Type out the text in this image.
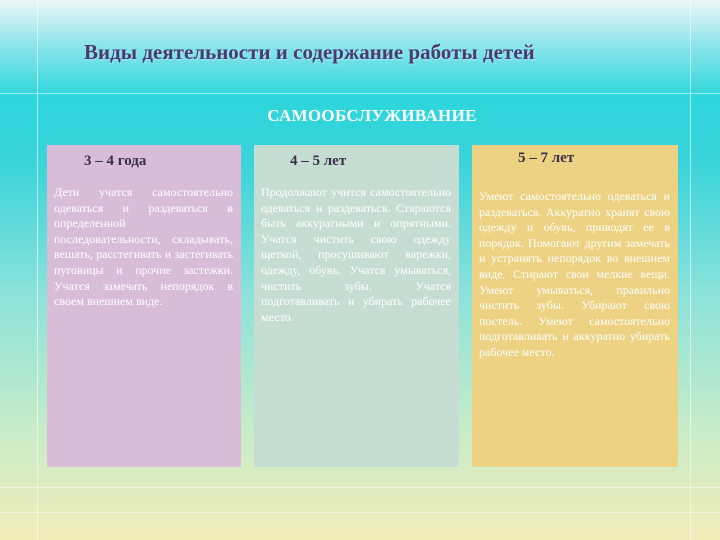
Виды деятельности и содержание работы детей
САМООБСЛУЖИВАНИЕ
3 – 4 года
Дети учатся самостоятельно одеваться и раздеваться в определенной последовательности, складывать, вешать, расстегивать и застегивать пуговицы и прочие застежки. Учатся замечать непорядок в своем внешнем виде.
4 – 5 лет
Продолжают учится самостоятельно одеваться и раздеваться. Стараются быть аккуратными и опрятными. Учатся чистить свою одежду щеткой, просушивают варежки, одежду, обувь. Учатся умываться, чистить зубы. Учатся подготавливать и убирать рабочее место.
5 – 7 лет
Умеют самостоятельно одеваться и раздеваться. Аккуратно хранят свою одежду и обувь, приводят ее в порядок. Помогают другим замечать и устранять непорядок во внешнем виде. Стирают свои мелкие вещи. Умеют умываться, правильно чистить зубы. Убирают свою постель. Умеют самостоятельно подготавливать и аккуратно убирать рабочее место.
